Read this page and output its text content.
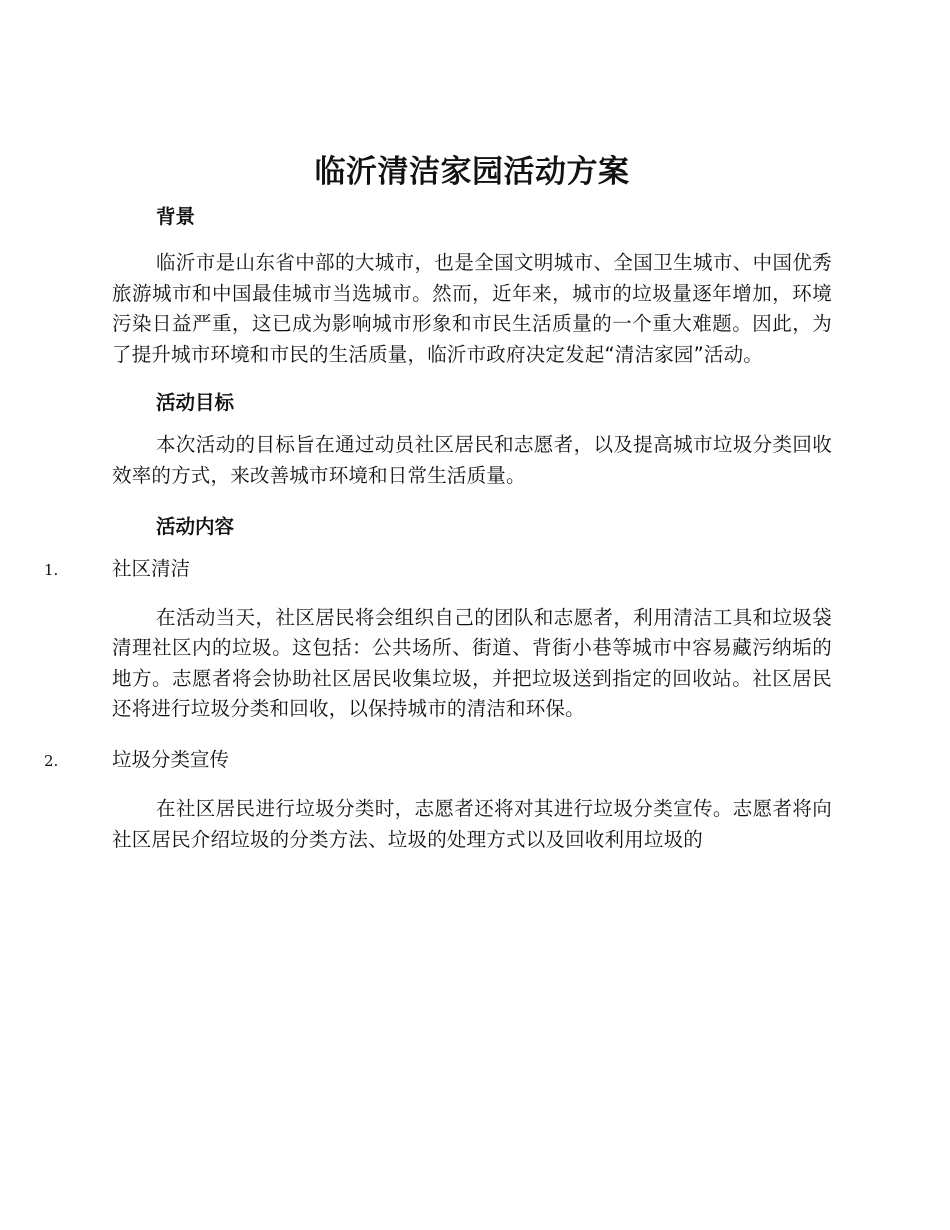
临沂清洁家园活动方案

背景

临沂市是山东省中部的大城市，也是全国文明城市、全国卫生城市、中国优秀旅游城市和中国最佳城市当选城市。然而，近年来，城市的垃圾量逐年增加，环境污染日益严重，这已成为影响城市形象和市民生活质量的一个重大难题。因此，为了提升城市环境和市民的生活质量，临沂市政府决定发起“清洁家园”活动。

活动目标

本次活动的目标旨在通过动员社区居民和志愿者，以及提高城市垃圾分类回收效率的方式，来改善城市环境和日常生活质量。

活动内容

1.	社区清洁

在活动当天，社区居民将会组织自己的团队和志愿者，利用清洁工具和垃圾袋清理社区内的垃圾。这包括：公共场所、街道、背街小巷等城市中容易藏污纳垢的地方。志愿者将会协助社区居民收集垃圾，并把垃圾送到指定的回收站。社区居民还将进行垃圾分类和回收，以保持城市的清洁和环保。

2.	垃圾分类宣传

在社区居民进行垃圾分类时，志愿者还将对其进行垃圾分类宣传。志愿者将向社区居民介绍垃圾的分类方法、垃圾的处理方式以及回收利用垃圾的
